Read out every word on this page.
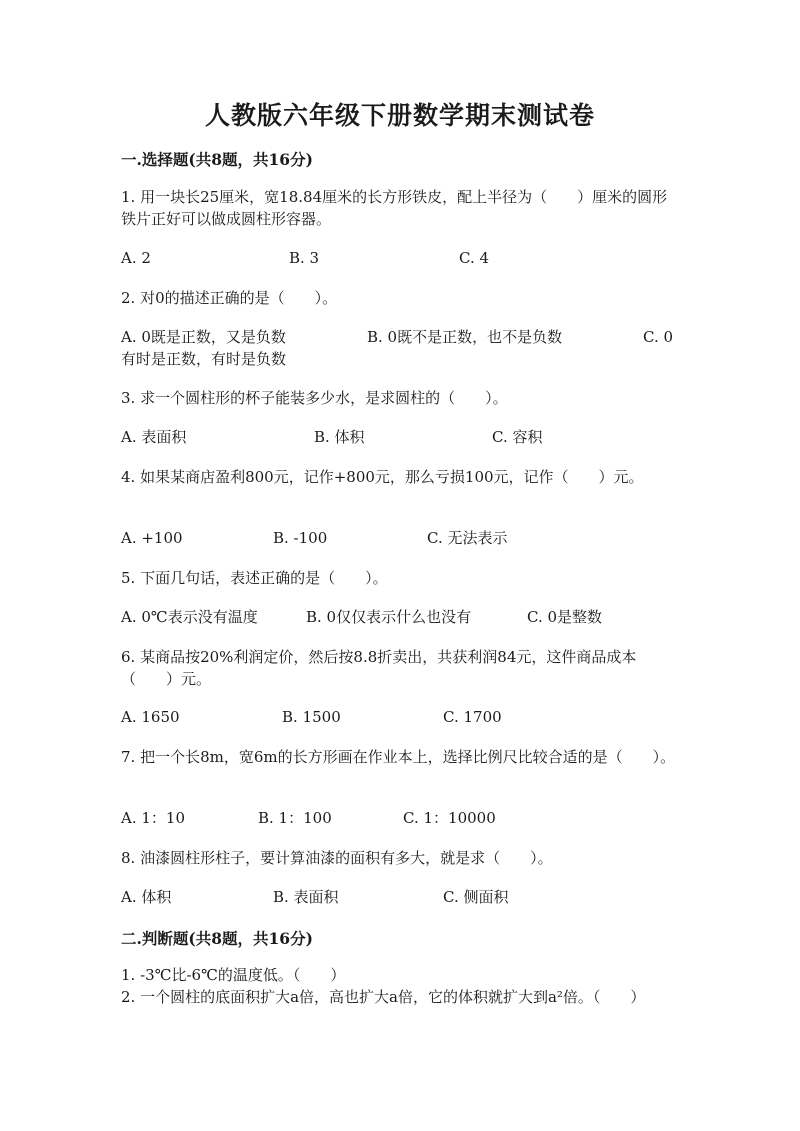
人教版六年级下册数学期末测试卷
一.选择题(共8题，共16分)
1. 用一块长25厘米，宽18.84厘米的长方形铁皮，配上半径为（　　）厘米的圆形铁片正好可以做成圆柱形容器。
A. 2	B. 3	C. 4
2. 对0的描述正确的是（　　）。
A. 0既是正数，又是负数	B. 0既不是正数，也不是负数	C. 0
有时是正数，有时是负数
3. 求一个圆柱形的杯子能装多少水，是求圆柱的（　　）。
A. 表面积	B. 体积	C. 容积
4. 如果某商店盈利800元，记作+800元，那么亏损100元，记作（　　）元。
A. +100	B. -100	C. 无法表示
5. 下面几句话，表述正确的是（　　）。
A. 0℃表示没有温度	B. 0仅仅表示什么也没有	C. 0是整数
6. 某商品按20%利润定价，然后按8.8折卖出，共获利润84元，这件商品成本（　　）元。
A. 1650	B. 1500	C. 1700
7. 把一个长8m，宽6m的长方形画在作业本上，选择比例尺比较合适的是（　　）。
A. 1：10	B. 1：100	C. 1：10000
8. 油漆圆柱形柱子，要计算油漆的面积有多大，就是求（　　）。
A. 体积	B. 表面积	C. 侧面积
二.判断题(共8题，共16分)
1. -3℃比-6℃的温度低。（　　）
2. 一个圆柱的底面积扩大a倍，高也扩大a倍，它的体积就扩大到a²倍。（　　）
